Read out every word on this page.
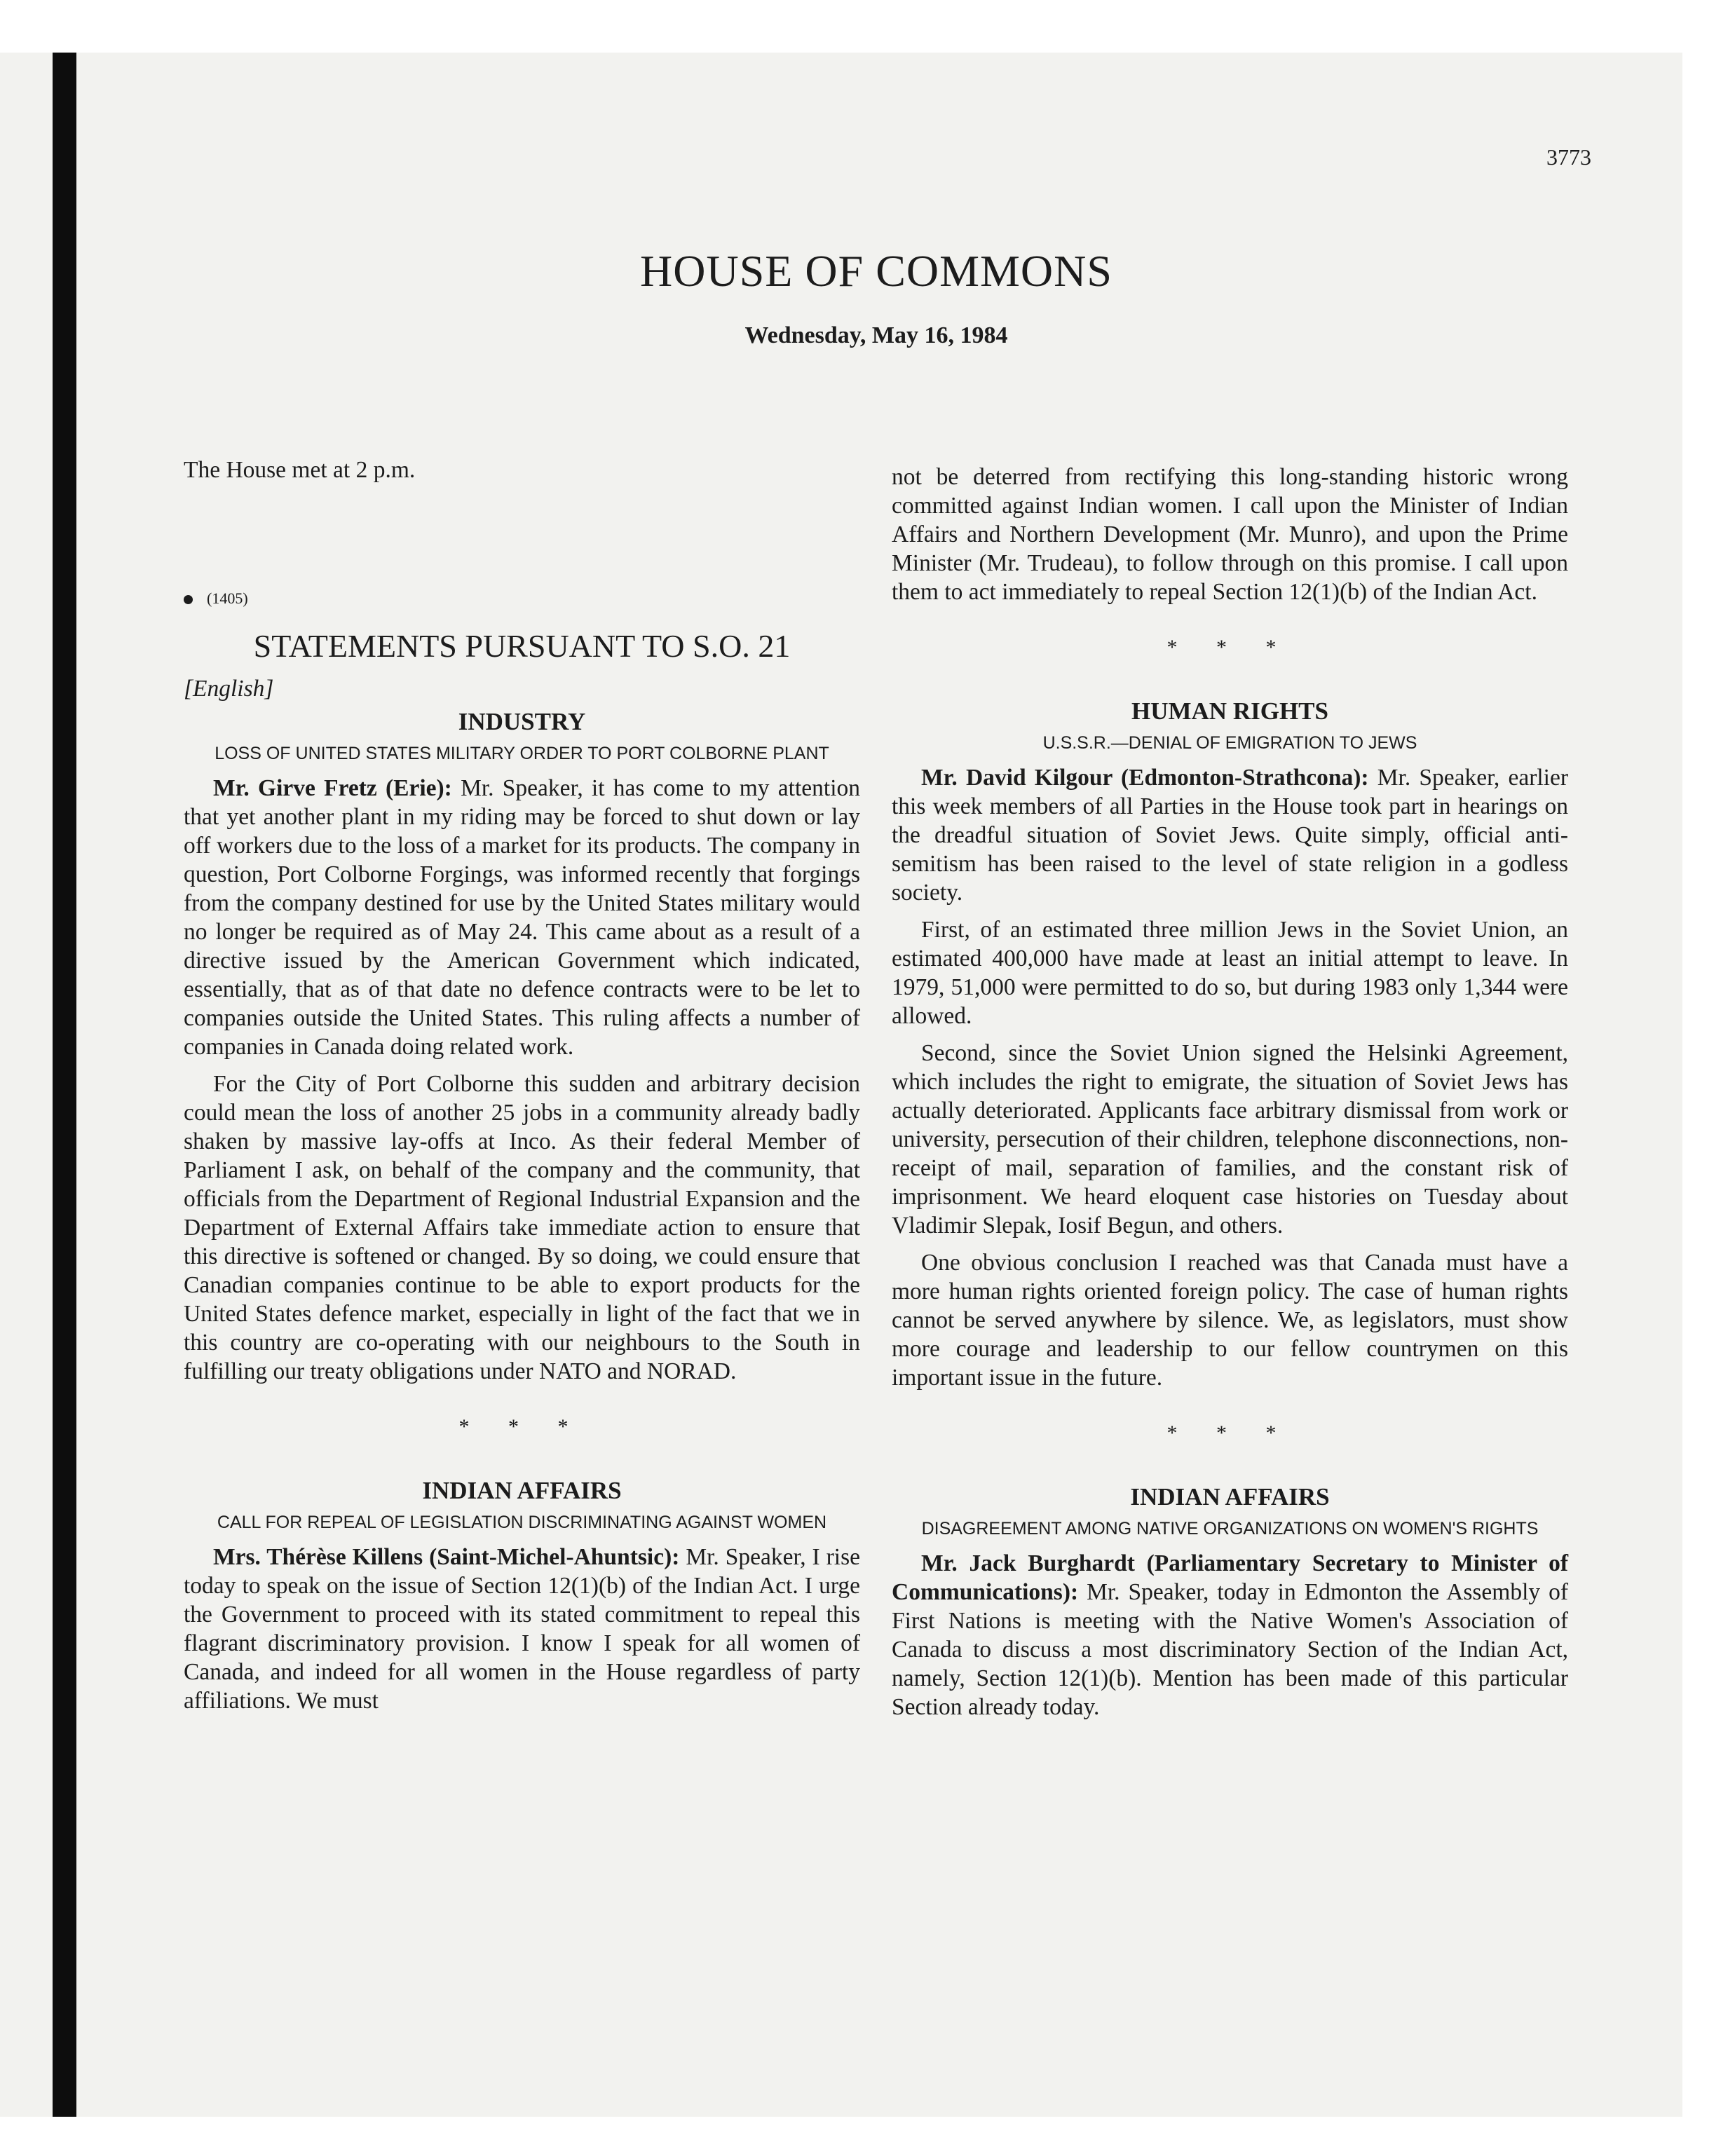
3773
HOUSE OF COMMONS
Wednesday, May 16, 1984

The House met at 2 p.m.

(1405)
STATEMENTS PURSUANT TO S.O. 21
[English]
INDUSTRY
LOSS OF UNITED STATES MILITARY ORDER TO PORT COLBORNE PLANT

Mr. Girve Fretz (Erie): Mr. Speaker, it has come to my attention that yet another plant in my riding may be forced to shut down or lay off workers due to the loss of a market for its products. The company in question, Port Colborne Forgings, was informed recently that forgings from the company destined for use by the United States military would no longer be required as of May 24. This came about as a result of a directive issued by the American Government which indicated, essentially, that as of that date no defence contracts were to be let to companies outside the United States. This ruling affects a number of companies in Canada doing related work.

For the City of Port Colborne this sudden and arbitrary decision could mean the loss of another 25 jobs in a community already badly shaken by massive lay-offs at Inco. As their federal Member of Parliament I ask, on behalf of the company and the community, that officials from the Department of Regional Industrial Expansion and the Department of External Affairs take immediate action to ensure that this directive is softened or changed. By so doing, we could ensure that Canadian companies continue to be able to export products for the United States defence market, especially in light of the fact that we in this country are co-operating with our neighbours to the South in fulfilling our treaty obligations under NATO and NORAD.

* * *
INDIAN AFFAIRS
CALL FOR REPEAL OF LEGISLATION DISCRIMINATING AGAINST WOMEN

Mrs. Thérèse Killens (Saint-Michel-Ahuntsic): Mr. Speaker, I rise today to speak on the issue of Section 12(1)(b) of the Indian Act. I urge the Government to proceed with its stated commitment to repeal this flagrant discriminatory provision. I know I speak for all women of Canada, and indeed for all women in the House regardless of party affiliations. We must

not be deterred from rectifying this long-standing historic wrong committed against Indian women. I call upon the Minister of Indian Affairs and Northern Development (Mr. Munro), and upon the Prime Minister (Mr. Trudeau), to follow through on this promise. I call upon them to act immediately to repeal Section 12(1)(b) of the Indian Act.

* * *
HUMAN RIGHTS
U.S.S.R.—DENIAL OF EMIGRATION TO JEWS

Mr. David Kilgour (Edmonton-Strathcona): Mr. Speaker, earlier this week members of all Parties in the House took part in hearings on the dreadful situation of Soviet Jews. Quite simply, official anti-semitism has been raised to the level of state religion in a godless society.

First, of an estimated three million Jews in the Soviet Union, an estimated 400,000 have made at least an initial attempt to leave. In 1979, 51,000 were permitted to do so, but during 1983 only 1,344 were allowed.

Second, since the Soviet Union signed the Helsinki Agreement, which includes the right to emigrate, the situation of Soviet Jews has actually deteriorated. Applicants face arbitrary dismissal from work or university, persecution of their children, telephone disconnections, non-receipt of mail, separation of families, and the constant risk of imprisonment. We heard eloquent case histories on Tuesday about Vladimir Slepak, Iosif Begun, and others.

One obvious conclusion I reached was that Canada must have a more human rights oriented foreign policy. The case of human rights cannot be served anywhere by silence. We, as legislators, must show more courage and leadership to our fellow countrymen on this important issue in the future.

* * *
INDIAN AFFAIRS
DISAGREEMENT AMONG NATIVE ORGANIZATIONS ON WOMEN'S RIGHTS

Mr. Jack Burghardt (Parliamentary Secretary to Minister of Communications): Mr. Speaker, today in Edmonton the Assembly of First Nations is meeting with the Native Women's Association of Canada to discuss a most discriminatory Section of the Indian Act, namely, Section 12(1)(b). Mention has been made of this particular Section already today.
